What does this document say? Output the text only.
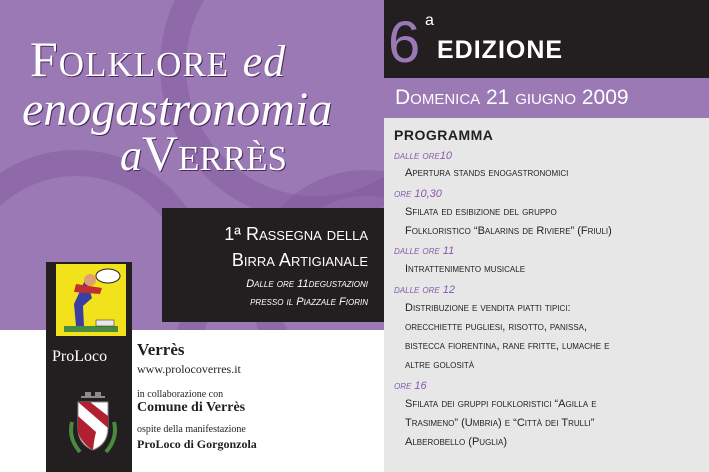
Folklore ed
enogastronomia
aVerrès
1ª Rassegna della
Birra Artigianale
Dalle ore 11degustazioni
presso il Piazzale Fiorin
ProLoco Verrès
www.prolocoverres.it
in collaborazione con
Comune di Verrès
ospite della manifestazione
ProLoco di Gorgonzola
6 a
EDIZIONE
Domenica 21 giugno 2009
PROGRAMMA
dalle ore10
Apertura stands enogastronomici
ore 10,30
Sfilata ed esibizione del gruppo
Folkloristico “Balarins de Riviere” (Friuli)
dalle ore 11
Intrattenimento musicale
dalle ore 12
Distribuzione e vendita piatti tipici:
orecchiette pugliesi, risotto, panissa,
bistecca fiorentina, rane fritte, lumache e
altre golosità
ore 16
Sfilata dei gruppi folkloristici “Agilla e
Trasimeno” (Umbria) e “Città dei Trulli”
Alberobello (Puglia)
